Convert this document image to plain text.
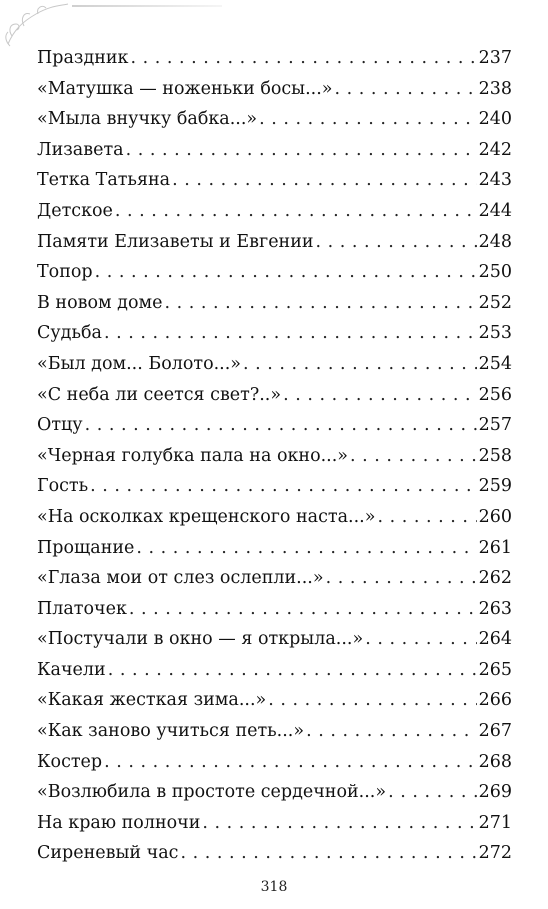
Праздник . . .	237
«Матушка — ноженьки босы...» . . .	238
«Мыла внучку бабка...» . . .	240
Лизавета . . .	242
Тетка Татьяна . . .	243
Детское . . .	244
Памяти Елизаветы и Евгении . . .	248
Топор . . .	250
В новом доме . . .	252
Судьба . . .	253
«Был дом... Болото...» . . .	254
«С неба ли сеется свет?..» . . .	256
Отцу . . .	257
«Черная голубка пала на окно...» . . .	258
Гость . . .	259
«На осколках крещенского наста...» . . .	260
Прощание . . .	261
«Глаза мои от слез ослепли...» . . .	262
Платочек . . .	263
«Постучали в окно — я открыла...» . . .	264
Качели . . .	265
«Какая жесткая зима...» . . .	266
«Как заново учиться петь...» . . .	267
Костер . . .	268
«Возлюбила в простоте сердечной...» . . .	269
На краю полночи . . .	271
Сиреневый час . . .	272
318
